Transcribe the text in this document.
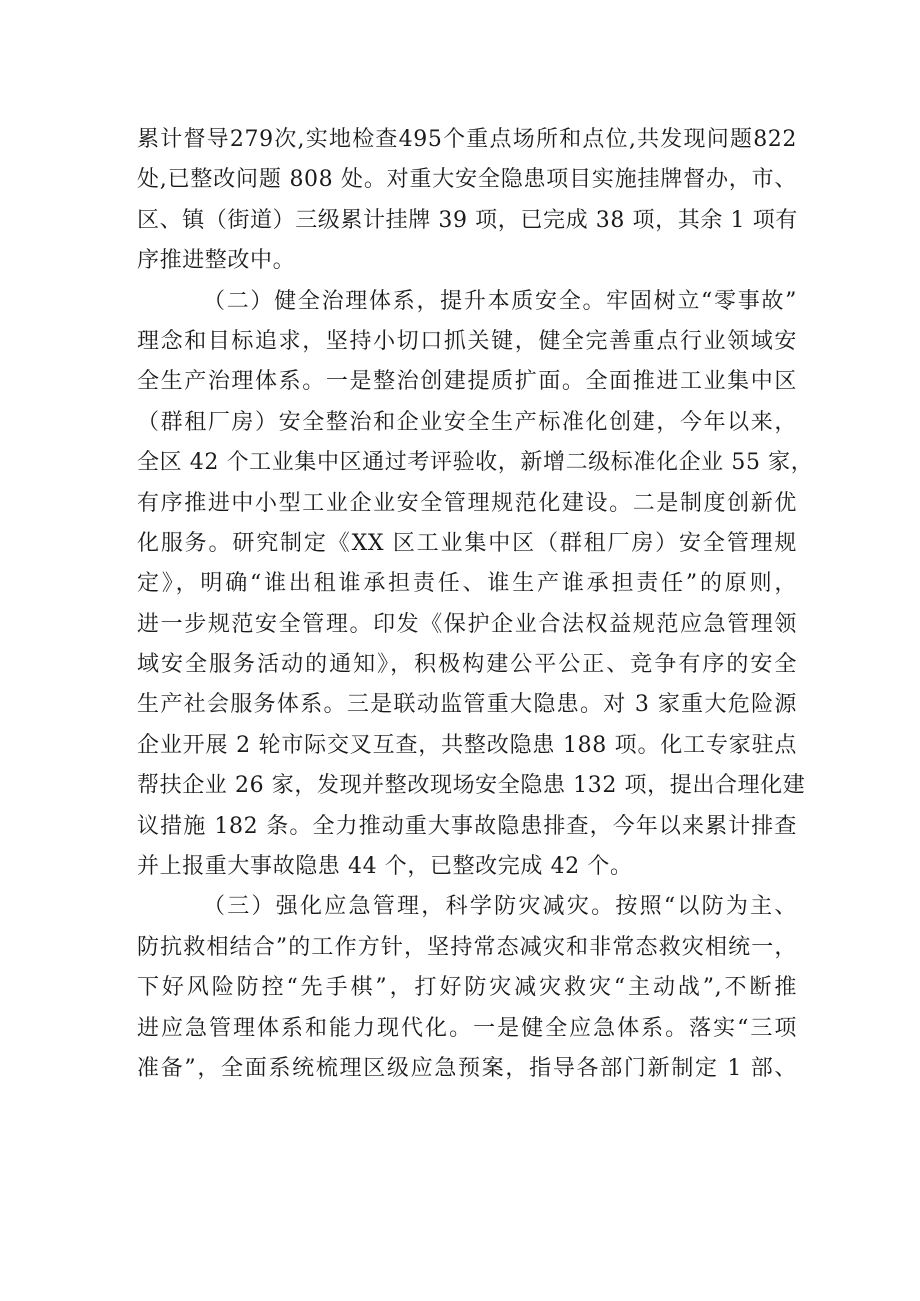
累计督导279次,实地检查495个重点场所和点位,共发现问题822
处,已整改问题 808 处。对重大安全隐患项目实施挂牌督办，市、
区、镇（街道）三级累计挂牌 39 项，已完成 38 项，其余 1 项有
序推进整改中。
（二）健全治理体系，提升本质安全。牢固树立“零事故”
理念和目标追求，坚持小切口抓关键，健全完善重点行业领域安
全生产治理体系。一是整治创建提质扩面。全面推进工业集中区
（群租厂房）安全整治和企业安全生产标准化创建，今年以来，
全区 42 个工业集中区通过考评验收，新增二级标准化企业 55 家，
有序推进中小型工业企业安全管理规范化建设。二是制度创新优
化服务。研究制定《XX 区工业集中区（群租厂房）安全管理规
定》，明确“谁出租谁承担责任、谁生产谁承担责任”的原则，
进一步规范安全管理。印发《保护企业合法权益规范应急管理领
域安全服务活动的通知》，积极构建公平公正、竞争有序的安全
生产社会服务体系。三是联动监管重大隐患。对 3 家重大危险源
企业开展 2 轮市际交叉互查，共整改隐患 188 项。化工专家驻点
帮扶企业 26 家，发现并整改现场安全隐患 132 项，提出合理化建
议措施 182 条。全力推动重大事故隐患排查，今年以来累计排查
并上报重大事故隐患 44 个，已整改完成 42 个。
（三）强化应急管理，科学防灾减灾。按照“以防为主、
防抗救相结合”的工作方针，坚持常态减灾和非常态救灾相统一，
下好风险防控“先手棋”，打好防灾减灾救灾“主动战”,不断推
进应急管理体系和能力现代化。一是健全应急体系。落实“三项
准备”，全面系统梳理区级应急预案，指导各部门新制定 1 部、
